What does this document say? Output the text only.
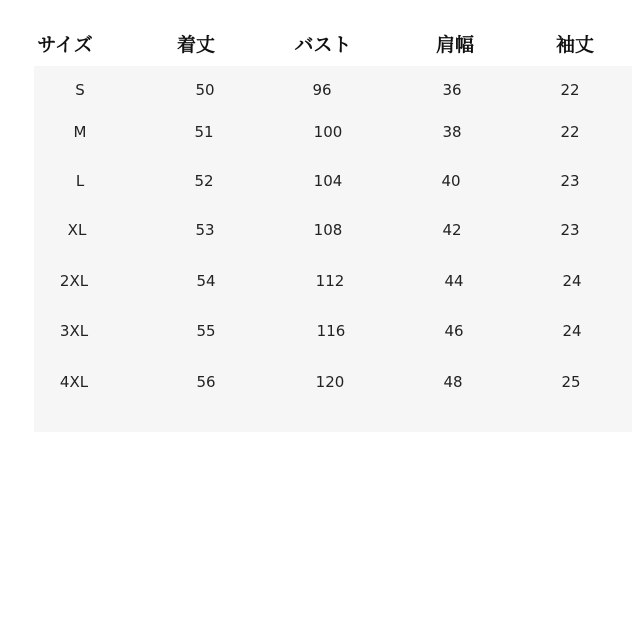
サイズ	着丈	バスト	肩幅	袖丈
S	50	96	36	22
M	51	100	38	22
L	52	104	40	23
XL	53	108	42	23
2XL	54	112	44	24
3XL	55	116	46	24
4XL	56	120	48	25
